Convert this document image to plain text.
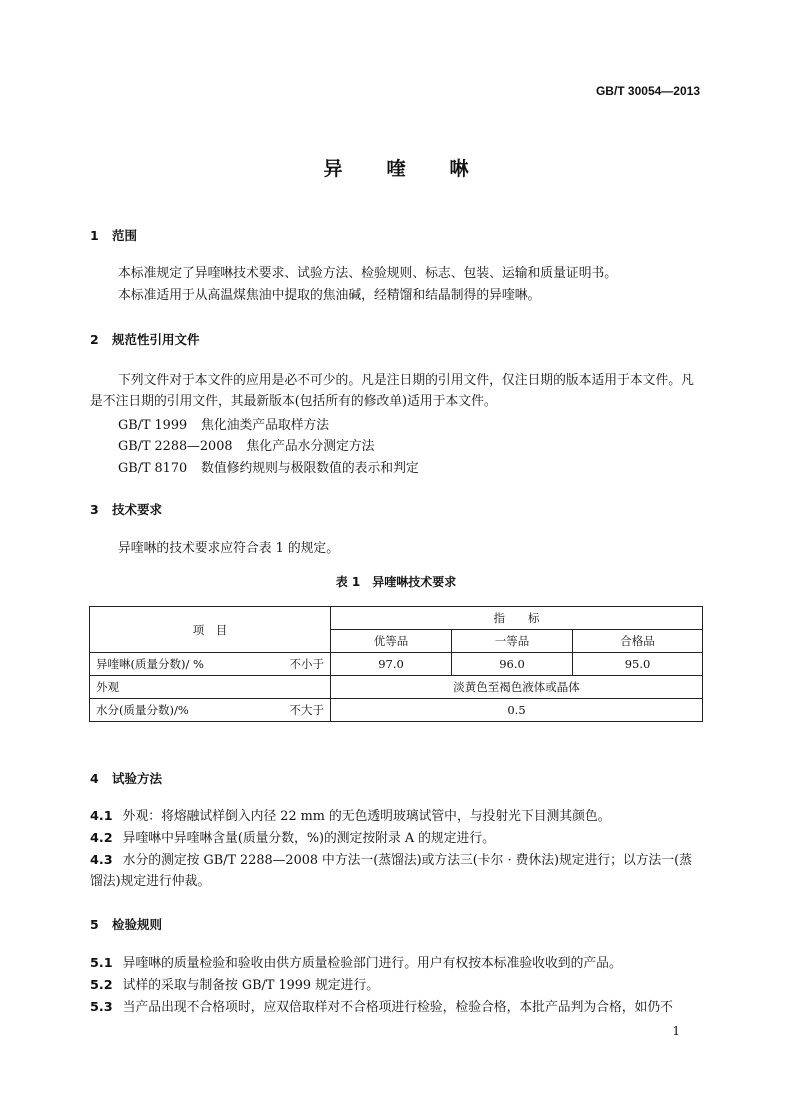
GB/T 30054—2013
异喹啉
1 范围
本标准规定了异喹啉技术要求、试验方法、检验规则、标志、包装、运输和质量证明书。
本标准适用于从高温煤焦油中提取的焦油碱，经精馏和结晶制得的异喹啉。
2 规范性引用文件
下列文件对于本文件的应用是必不可少的。凡是注日期的引用文件，仅注日期的版本适用于本文件。凡是不注日期的引用文件，其最新版本(包括所有的修改单)适用于本文件。
GB/T 1999 焦化油类产品取样方法
GB/T 2288—2008 焦化产品水分测定方法
GB/T 8170 数值修约规则与极限数值的表示和判定
3 技术要求
异喹啉的技术要求应符合表 1 的规定。
表 1　异喹啉技术要求
项　目	指　　标		
	优等品	一等品	合格品

异喹啉(质量分数)/ % 不小于	97.0	96.0	95.0

外观	淡黄色至褐色液体或晶体		

水分(质量分数)/% 不大于	0.5		
4 试验方法
4.1 外观：将熔融试样倒入内径 22 mm 的无色透明玻璃试管中，与投射光下目测其颜色。
4.2 异喹啉中异喹啉含量(质量分数，%)的测定按附录 A 的规定进行。
4.3 水分的测定按 GB/T 2288—2008 中方法一(蒸馏法)或方法三(卡尔 · 费休法)规定进行；以方法一(蒸馏法)规定进行仲裁。
5 检验规则
5.1 异喹啉的质量检验和验收由供方质量检验部门进行。用户有权按本标准验收收到的产品。
5.2 试样的采取与制备按 GB/T 1999 规定进行。
5.3 当产品出现不合格项时，应双倍取样对不合格项进行检验，检验合格，本批产品判为合格，如仍不
1
